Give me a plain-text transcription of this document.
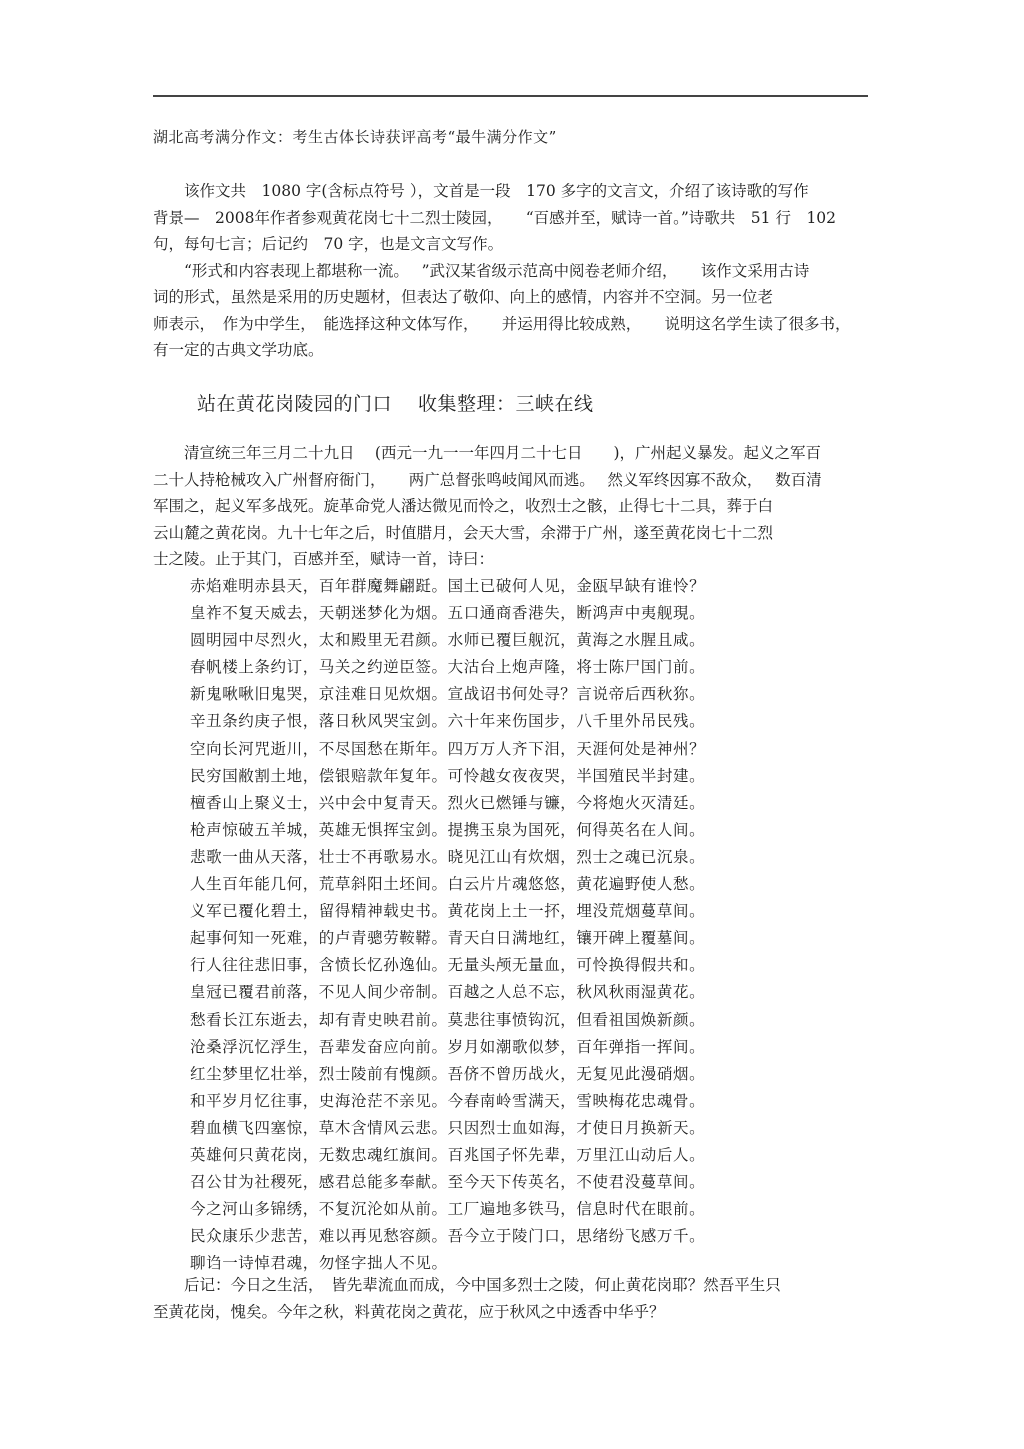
湖北高考满分作文：考生古体长诗获评高考“最牛满分作文”
　　该作文共　1080 字(含标点符号 ），文首是一段　170 多字的文言文，介绍了该诗歌的写作
背景—　2008年作者参观黄花岗七十二烈士陵园，　　“百感并至，赋诗一首。”诗歌共　51 行　102
句，每句七言；后记约　70 字，也是文言文写作。
　　“形式和内容表现上都堪称一流。　 ”武汉某省级示范高中阅卷老师介绍，　　该作文采用古诗
词的形式，虽然是采用的历史题材，但表达了敬仰、向上的感情，内容并不空洞。另一位老
师表示，　作为中学生，　能选择这种文体写作，　　并运用得比较成熟，　　说明这名学生读了很多书，
有一定的古典文学功底。
站在黄花岗陵园的门口　 收集整理：三峡在线
　　清宣统三年三月二十九日　 (西元一九一一年四月二十七日　　)，广州起义暴发。起义之军百
二十人持枪械攻入广州督府衙门，　　两广总督张鸣岐闻风而逃。　 然义军终因寡不敌众，　 数百清
军围之，起义军多战死。旋革命党人潘达微见而怜之，收烈士之骸，止得七十二具，葬于白
云山麓之黄花岗。九十七年之后，时值腊月，会天大雪，余滞于广州，遂至黄花岗七十二烈
士之陵。止于其门，百感并至，赋诗一首，诗曰：
赤焰难明赤县天，百年群魔舞翩跹。国土已破何人见，金瓯早缺有谁怜？
皇祚不复天威去，天朝迷梦化为烟。五口通商香港失，断鸿声中夷舰現。
圆明园中尽烈火，太和殿里无君颜。水师已覆巨舰沉，黄海之水腥且咸。
春帆楼上条约订，马关之约逆臣签。大沽台上炮声隆，将士陈尸国门前。
新鬼啾啾旧鬼哭，京洼难日见炊烟。宣战诏书何处寻？言说帝后西秋狝。
辛丑条约庚子恨，落日秋风哭宝剑。六十年来伤国步，八千里外吊民残。
空向长河咒逝川，不尽国愁在斯年。四万万人齐下泪，天涯何处是神州？
民穷国敝割土地，偿银赔款年复年。可怜越女夜夜哭，半国殖民半封建。
檀香山上聚义士，兴中会中复青天。烈火已燃锤与镰，今将炮火灭清廷。
枪声惊破五羊城，英雄无惧挥宝剑。提携玉泉为国死，何得英名在人间。
悲歌一曲从天落，壮士不再歌易水。晓见江山有炊烟，烈士之魂已沉泉。
人生百年能几何，荒草斜阳土坯间。白云片片魂悠悠，黄花遍野使人愁。
义军已覆化碧土，留得精神载史书。黄花岗上土一抔，埋没荒烟蔓草间。
起事何知一死难，的卢青骢劳鞍鞯。青天白日满地红，镶开碑上覆墓间。
行人往往悲旧事，含愤长忆孙逸仙。无量头颅无量血，可怜换得假共和。
皇冠已覆君前落，不见人间少帝制。百越之人总不忘，秋风秋雨湿黄花。
愁看长江东逝去，却有青史映君前。莫悲往事愤钩沉，但看祖国焕新颜。
沧桑浮沉忆浮生，吾辈发奋应向前。岁月如潮歌似梦，百年弹指一挥间。
红尘梦里忆壮举，烈士陵前有愧颜。吾侪不曾历战火，无复见此漫硝烟。
和平岁月忆往事，史海沧茫不亲见。今春南岭雪满天，雪映梅花忠魂骨。
碧血横飞四塞惊，草木含情风云悲。只因烈士血如海，才使日月换新天。
英雄何只黄花岗，无数忠魂红旗间。百兆国子怀先辈，万里江山动后人。
召公甘为社稷死，感君总能多奉献。至今天下传英名，不使君没蔓草间。
今之河山多锦绣，不复沉沦如从前。工厂遍地多铁马，信息时代在眼前。
民众康乐少悲苦，难以再见愁容颜。吾今立于陵门口，思绪纷飞感万千。
聊诌一诗悼君魂，勿怪字拙人不见。
　　后记：今日之生活，　皆先辈流血而成，今中国多烈士之陵，何止黄花岗耶？然吾平生只
至黄花岗，愧矣。今年之秋，料黄花岗之黄花，应于秋风之中透香中华乎？
